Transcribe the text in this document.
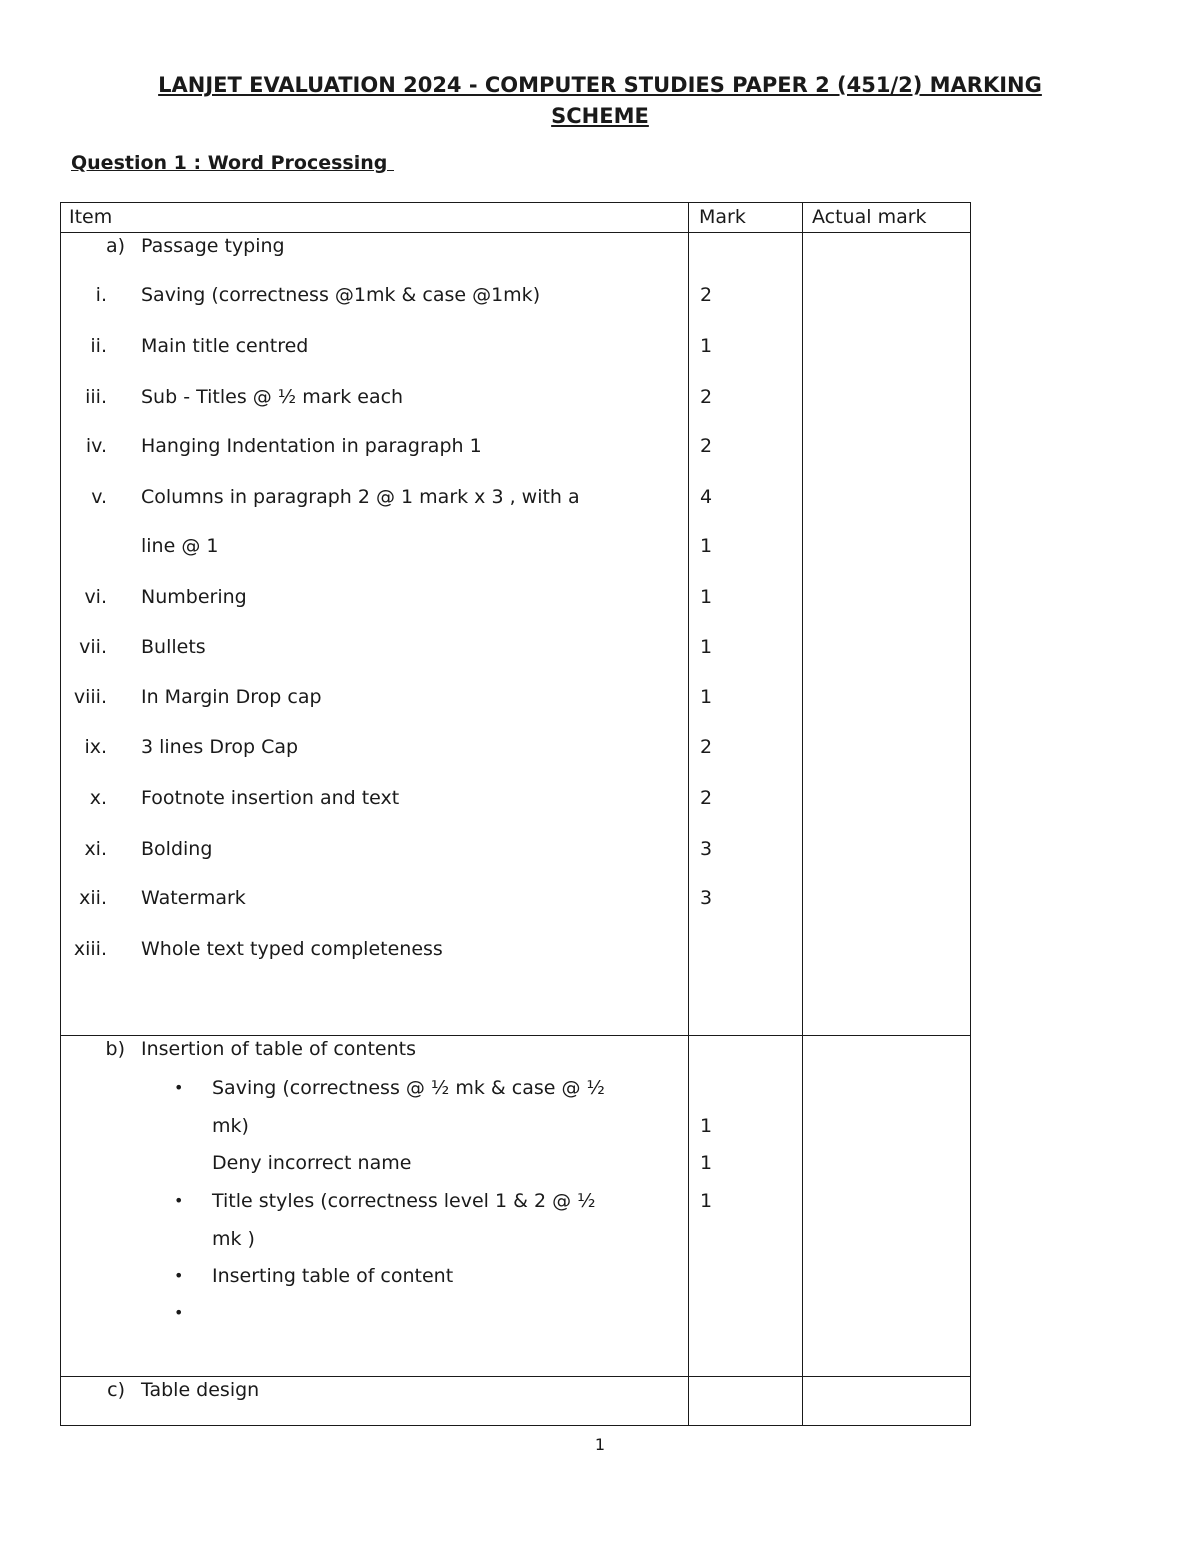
LANJET EVALUATION 2024 - COMPUTER STUDIES PAPER 2 (451/2) MARKING
SCHEME
Question 1 : Word Processing
Item	Mark	Actual mark
a) Passage typing
i. Saving (correctness @1mk & case @1mk)	2
ii. Main title centred	1
iii. Sub - Titles @ ½ mark each	2
iv. Hanging Indentation in paragraph 1	2
v. Columns in paragraph 2 @ 1 mark x 3 , with a	4
line @ 1	1
vi. Numbering	1
vii. Bullets	1
viii. In Margin Drop cap	1
ix. 3 lines Drop Cap	2
x. Footnote insertion and text	2
xi. Bolding	3
xii. Watermark	3
xiii. Whole text typed completeness
b) Insertion of table of contents
• Saving (correctness @ ½ mk & case @ ½
mk)	1
Deny incorrect name	1
• Title styles (correctness level 1 & 2 @ ½	1
mk )
• Inserting table of content
•
c) Table design
1
